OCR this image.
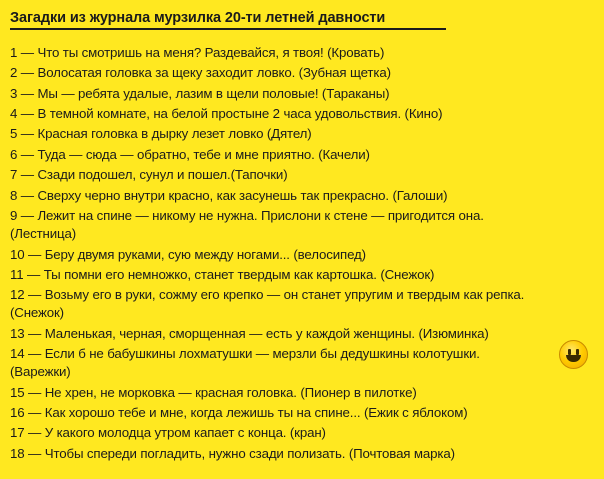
Загадки из журнала мурзилка 20-ти летней давности
1 — Что ты смотришь на меня? Раздевайся, я твоя! (Кровать)
2 — Волосатая головка за щеку заходит ловко. (Зубная щетка)
3 — Мы — ребята удалые, лазим в щели половые! (Тараканы)
4 — В темной комнате, на белой простыне 2 часа удовольствия. (Кино)
5 — Красная головка в дырку лезет ловко (Дятел)
6 — Туда — сюда — обратно, тебе и мне приятно. (Качели)
7 — Сзади подошел, сунул и пошел.(Тапочки)
8 — Сверху черно внутри красно, как засунешь так прекрасно. (Галоши)
9 — Лежит на спине — никому не нужна. Прислони к стене — пригодится она. (Лестница)
10 — Беру двумя руками, сую между ногами... (велосипед)
11 — Ты помни его немножко, станет твердым как картошка. (Снежок)
12 — Возьму его в руки, сожму его крепко — он станет упругим и твердым как репка. (Снежок)
13 — Маленькая, черная, сморщенная — есть у каждой женщины. (Изюминка)
14 — Если б не бабушкины лохматушки — мерзли бы дедушкины колотушки.(Варежки)
15 — Не хрен, не морковка — красная головка. (Пионер в пилотке)
16 — Как хорошо тебе и мне, когда лежишь ты на спине... (Ежик с яблоком)
17 — У какого молодца утром капает с конца. (кран)
18 — Чтобы спереди погладить, нужно сзади полизать. (Почтовая марка)
